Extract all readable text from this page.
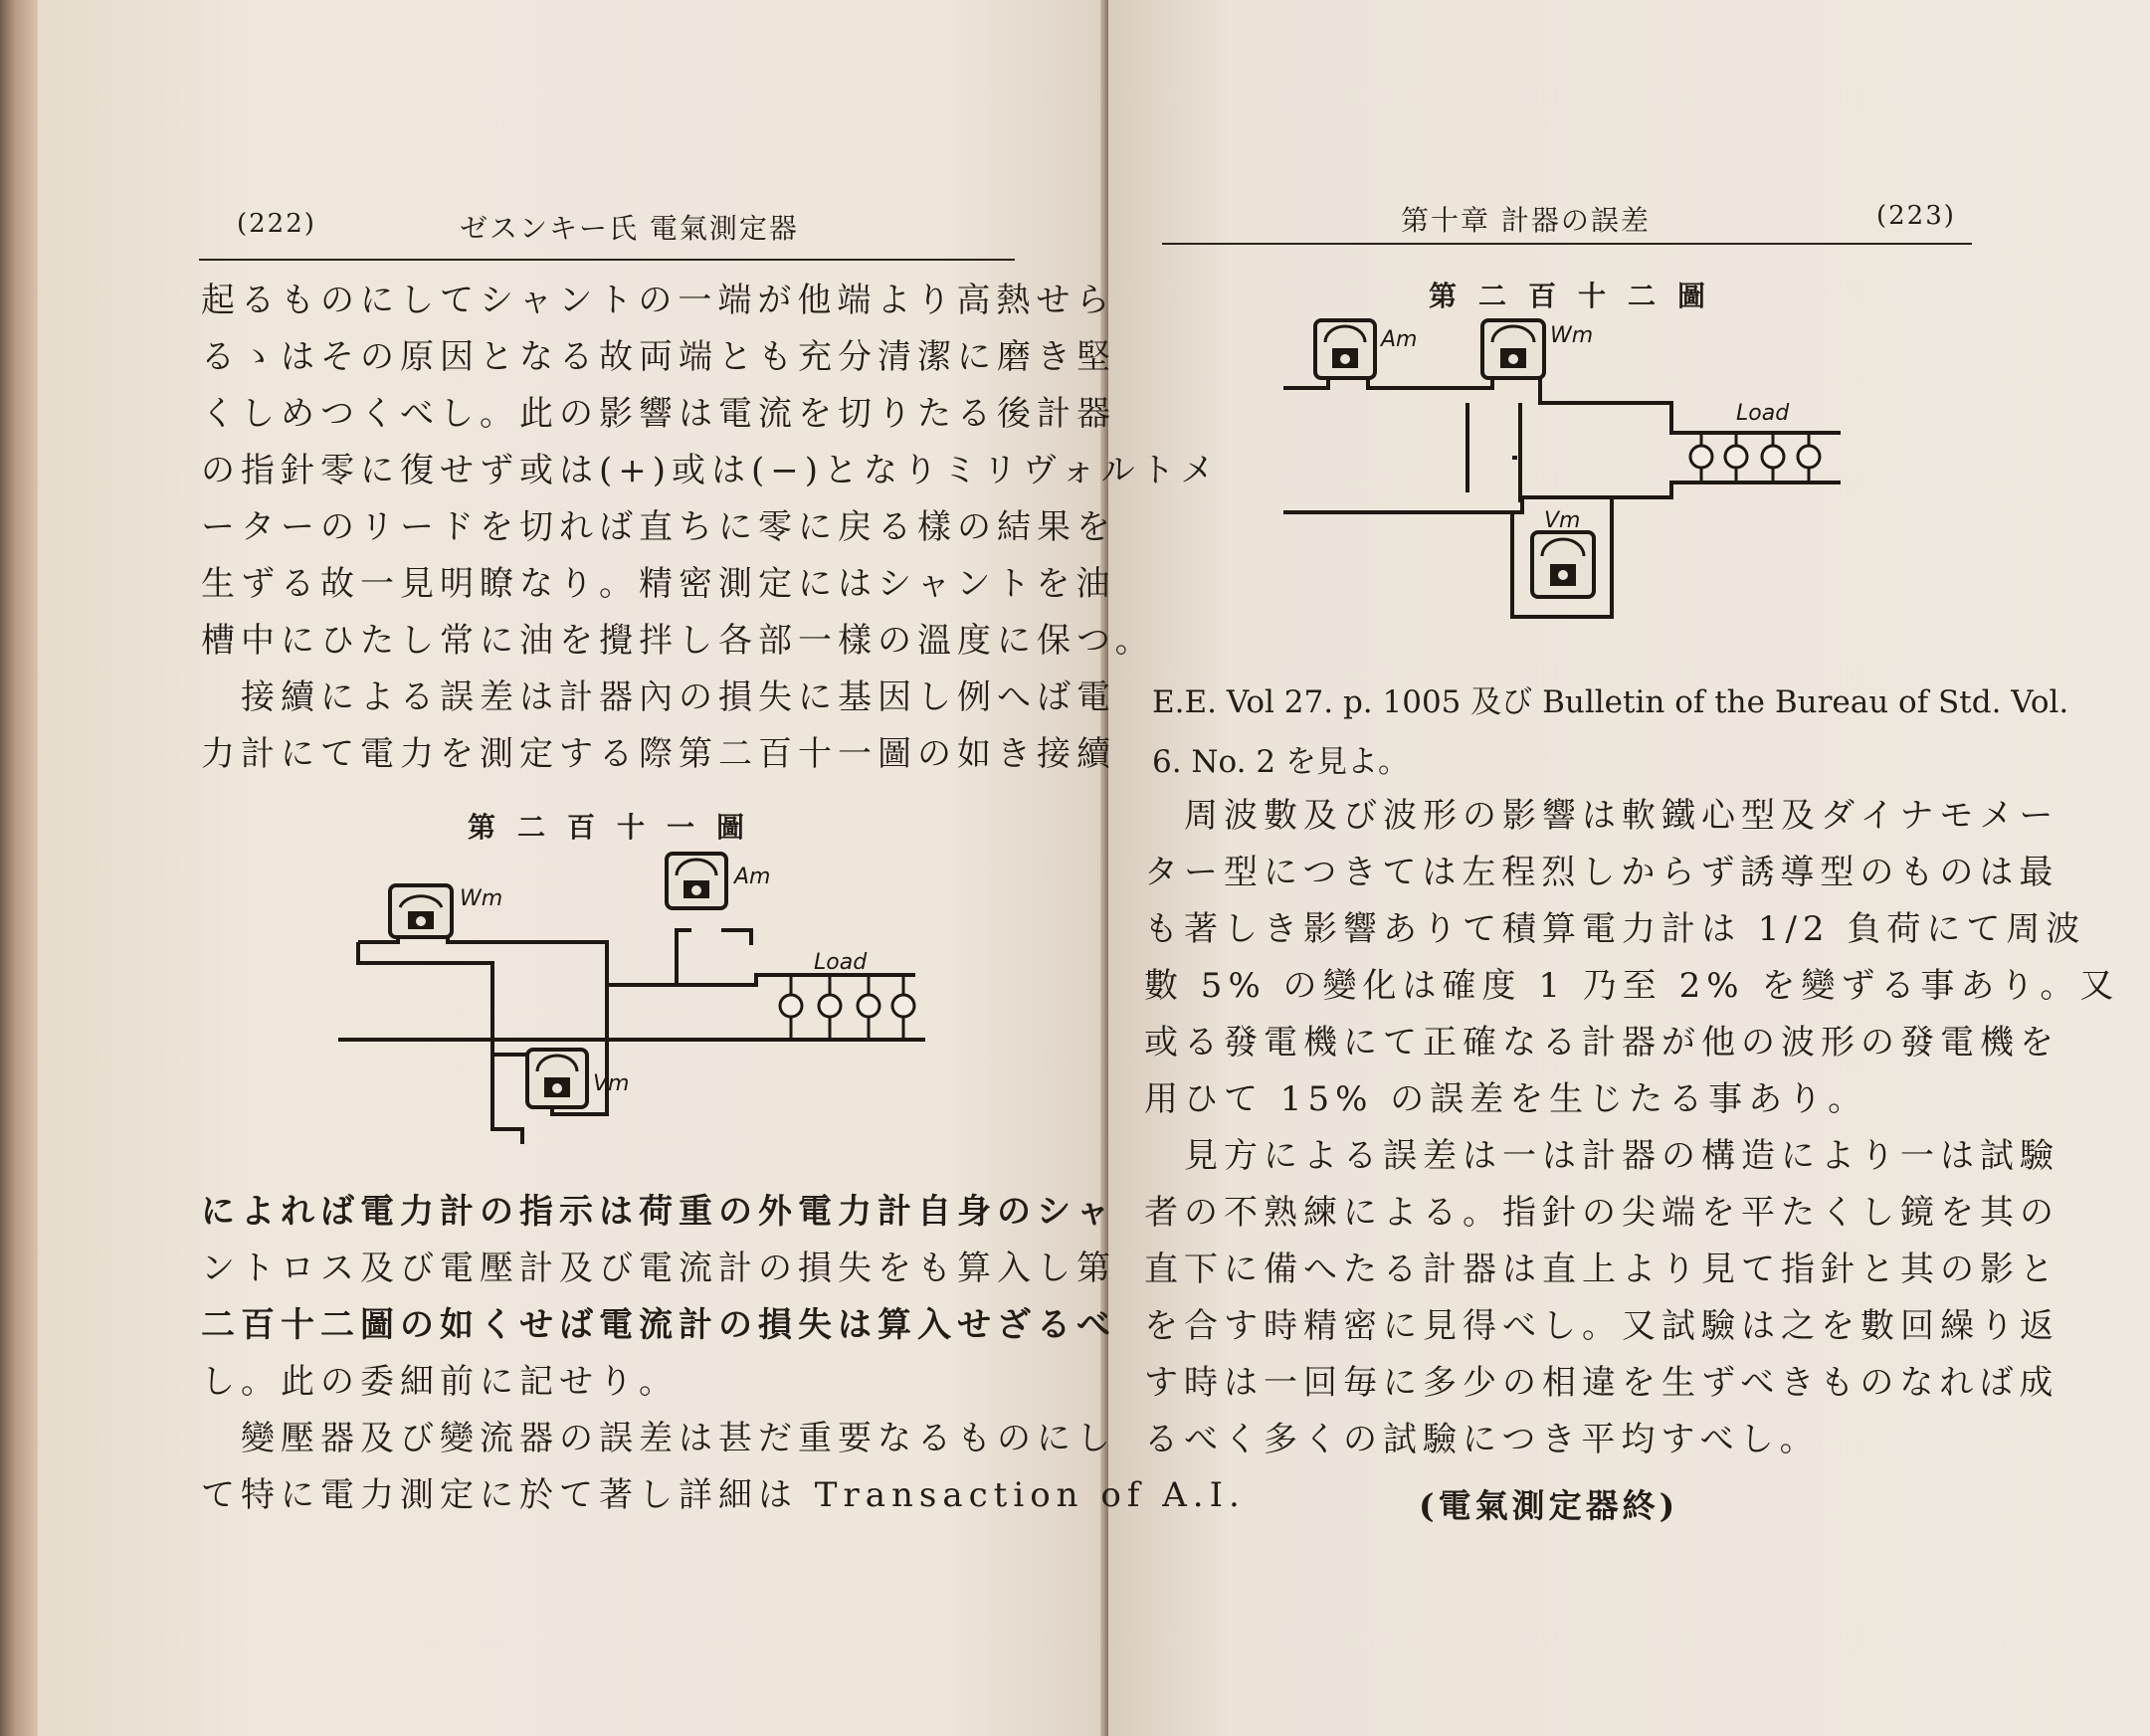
(222)	ゼスンキー氏 電氣測定器

起るものにしてシャントの一端が他端より高熱せら

るゝはその原因となる故両端とも充分清潔に磨き堅

くしめつくべし。此の影響は電流を切りたる後計器

の指針零に復せず或は(+)或は(−)となりミリヴォルトメ

ーターのリードを切れば直ちに零に戻る樣の結果を

生ずる故一見明瞭なり。精密測定にはシャントを油

槽中にひたし常に油を攪拌し各部一樣の溫度に保つ。

接續による誤差は計器內の損失に基因し例へば電

力計にて電力を測定する際第二百十一圖の如き接續

第二百十一圖
Wm
Am
Vm
Load

によれば電力計の指示は荷重の外電力計自身のシャ

ントロス及び電壓計及び電流計の損失をも算入し第

二百十二圖の如くせば電流計の損失は算入せざるべ

し。此の委細前に記せり。

變壓器及び變流器の誤差は甚だ重要なるものにし

て特に電力測定に於て著し詳細は Transaction of A.I.

第十章 計器の誤差	(223)
第二百十二圖
Am	Wm
Vm
Load
E.E. Vol 27. p. 1005 及び Bulletin of the Bureau of Std. Vol.
6. No. 2 を見よ。

周波數及び波形の影響は軟鐵心型及ダイナモメー

ター型につきては左程烈しからず誘導型のものは最

も著しき影響ありて積算電力計は 1/2 負荷にて周波

數 5% の變化は確度 1 乃至 2% を變ずる事あり。又

或る發電機にて正確なる計器が他の波形の發電機を

用ひて 15% の誤差を生じたる事あり。

見方による誤差は一は計器の構造により一は試驗

者の不熟練による。指針の尖端を平たくし鏡を其の

直下に備へたる計器は直上より見て指針と其の影と

を合す時精密に見得べし。又試驗は之を數回繰り返

す時は一回毎に多少の相違を生ずべきものなれば成

るべく多くの試驗につき平均すべし。

(電氣測定器終)
